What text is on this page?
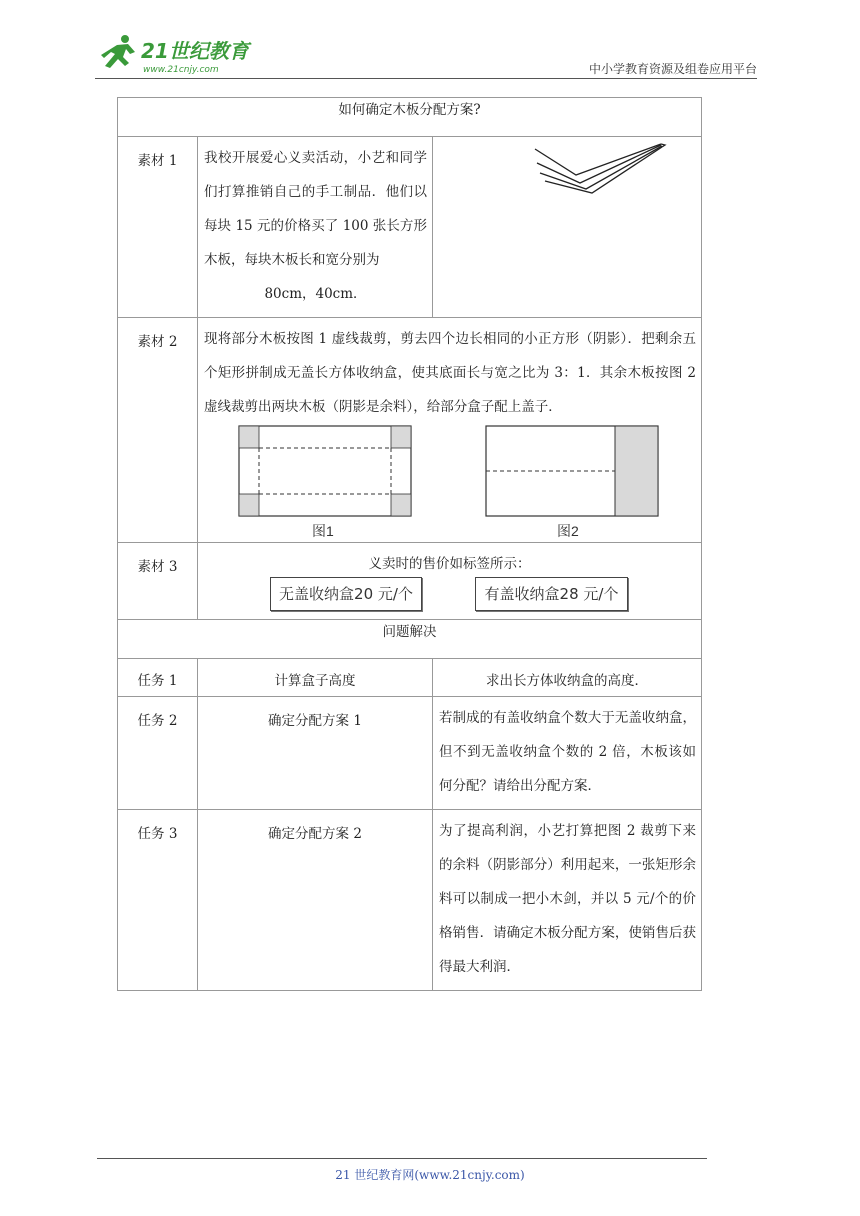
21世纪教育
www.21cnjy.com	中小学教育资源及组卷应用平台
如何确定木板分配方案?		
素材 1	我校开展爱心义卖活动，小艺和同学们打算推销自己的手工制品．他们以每块 15 元的价格买了 100 张长方形木板，每块木板长和宽分别为
80cm，40cm．

素材 2	现将部分木板按图 1 虚线裁剪，剪去四个边长相同的小正方形（阴影）．把剩余五个矩形拼制成无盖长方体收纳盒，使其底面长与宽之比为 3：1．其余木板按图 2 虚线裁剪出两块木板（阴影是余料），给部分盒子配上盖子．
图1 图2	

素材 3	义卖时的售价如标签所示：
无盖收纳盒20 元/个 有盖收纳盒28 元/个	

问题解决		
任务 1	计算盒子高度	求出长方体收纳盒的高度．
任务 2	确定分配方案 1	若制成的有盖收纳盒个数大于无盖收纳盒，但不到无盖收纳盒个数的 2 倍，木板该如何分配？请给出分配方案．
任务 3	确定分配方案 2	为了提高利润，小艺打算把图 2 裁剪下来的余料（阴影部分）利用起来，一张矩形余料可以制成一把小木剑，并以 5 元/个的价格销售．请确定木板分配方案，使销售后获得最大利润．
21 世纪教育网(www.21cnjy.com)
